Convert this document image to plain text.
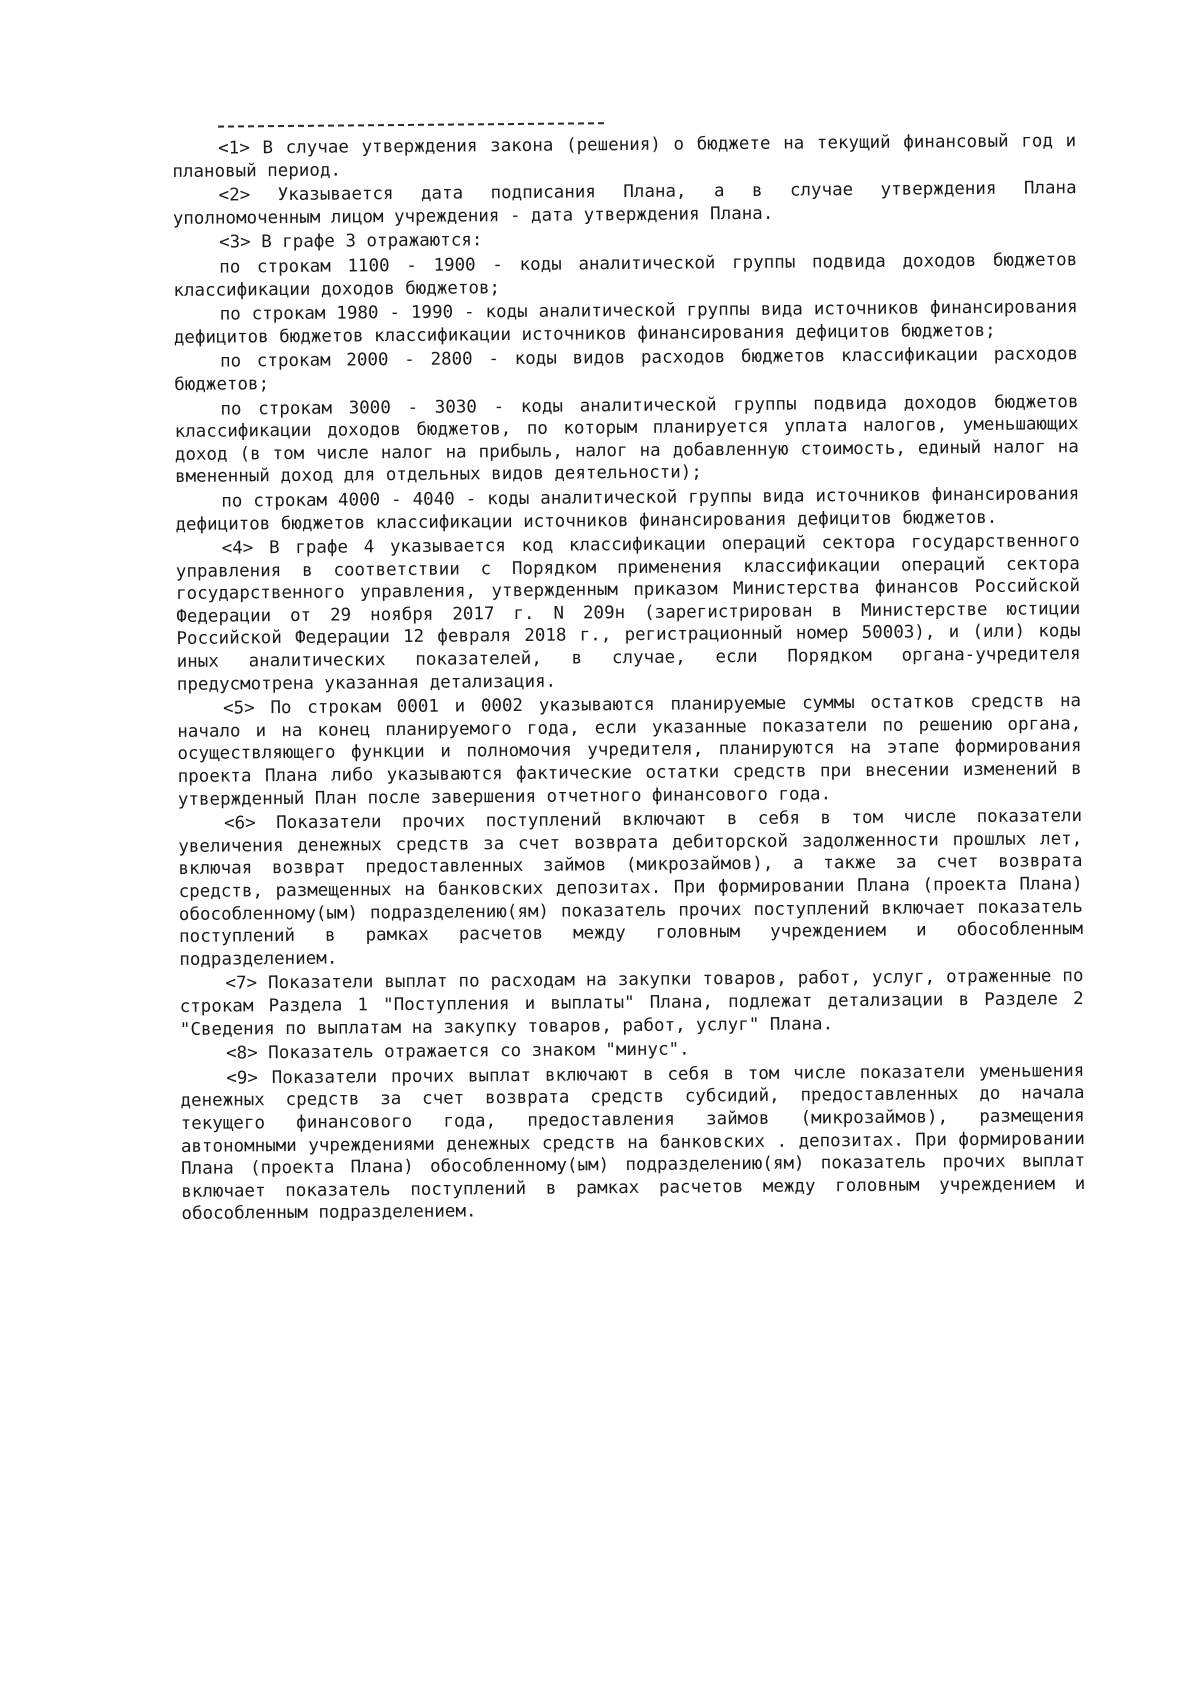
<1> В случае утверждения закона (решения) о бюджете на текущий финансовый год и плановый период.

<2> Указывается дата подписания Плана, а в случае утверждения Плана уполномоченным лицом учреждения - дата утверждения Плана.

<3> В графе 3 отражаются:

по строкам 1100 - 1900 - коды аналитической группы подвида доходов бюджетов классификации доходов бюджетов;

по строкам 1980 - 1990 - коды аналитической группы вида источников финансирования дефицитов бюджетов классификации источников финансирования дефицитов бюджетов;

по строкам 2000 - 2800 - коды видов расходов бюджетов классификации расходов бюджетов;

по строкам 3000 - 3030 - коды аналитической группы подвида доходов бюджетов классификации доходов бюджетов, по которым планируется уплата налогов, уменьшающих доход (в том числе налог на прибыль, налог на добавленную стоимость, единый налог на вмененный доход для отдельных видов деятельности);

по строкам 4000 - 4040 - коды аналитической группы вида источников финансирования дефицитов бюджетов классификации источников финансирования дефицитов бюджетов.

<4> В графе 4 указывается код классификации операций сектора государственного управления в соответствии с Порядком применения классификации операций сектора государственного управления, утвержденным приказом Министерства финансов Российской Федерации от 29 ноября 2017 г. N 209н (зарегистрирован в Министерстве юстиции Российской Федерации 12 февраля 2018 г., регистрационный номер 50003), и (или) коды иных аналитических показателей, в случае, если Порядком органа-учредителя предусмотрена указанная детализация.

<5> По строкам 0001 и 0002 указываются планируемые суммы остатков средств на начало и на конец планируемого года, если указанные показатели по решению органа, осуществляющего функции и полномочия учредителя, планируются на этапе формирования проекта Плана либо указываются фактические остатки средств при внесении изменений в утвержденный План после завершения отчетного финансового года.

<6> Показатели прочих поступлений включают в себя в том числе показатели увеличения денежных средств за счет возврата дебиторской задолженности прошлых лет, включая возврат предоставленных займов (микрозаймов), а также за счет возврата средств, размещенных на банковских депозитах. При формировании Плана (проекта Плана) обособленному(ым) подразделению(ям) показатель прочих поступлений включает показатель поступлений в рамках расчетов между головным учреждением и обособленным подразделением.

<7> Показатели выплат по расходам на закупки товаров, работ, услуг, отраженные по строкам Раздела 1 "Поступления и выплаты" Плана, подлежат детализации в Разделе 2 "Сведения по выплатам на закупку товаров, работ, услуг" Плана.

<8> Показатель отражается со знаком "минус".

<9> Показатели прочих выплат включают в себя в том числе показатели уменьшения денежных средств за счет возврата средств субсидий, предоставленных до начала текущего финансового года, предоставления займов (микрозаймов), размещения автономными учреждениями денежных средств на банковских . депозитах. При формировании Плана (проекта Плана) обособленному(ым) подразделению(ям) показатель прочих выплат включает показатель поступлений в рамках расчетов между головным учреждением и обособленным подразделением.
